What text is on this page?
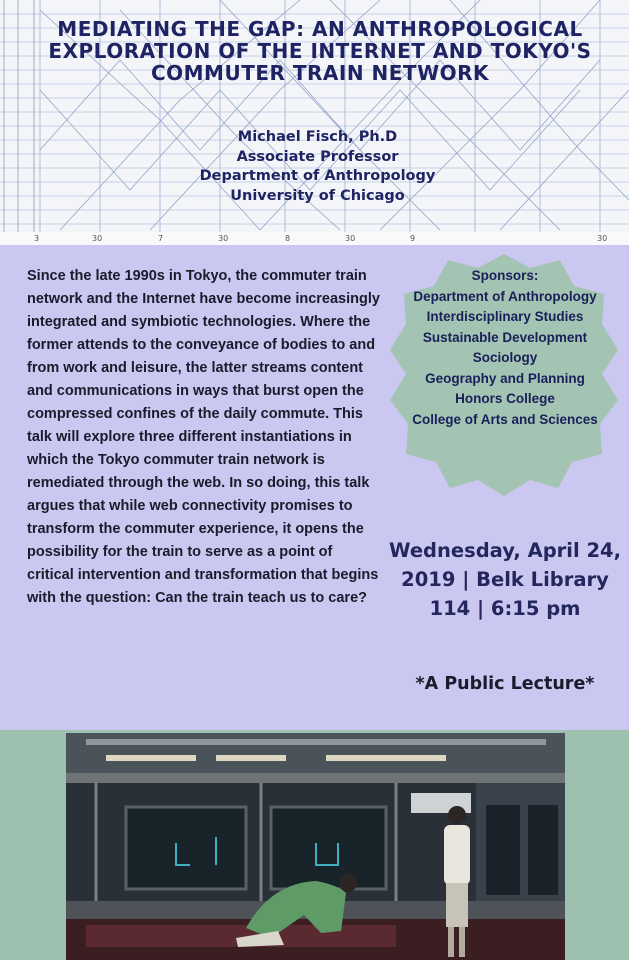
MEDIATING THE GAP: AN ANTHROPOLOGICAL EXPLORATION OF THE INTERNET AND TOKYO'S COMMUTER TRAIN NETWORK
Michael Fisch, Ph.D
Associate Professor
Department of Anthropology
University of Chicago
3	30	7	30	8	30	9	30
Since the late 1990s in Tokyo, the commuter train network and the Internet have become increasingly integrated and symbiotic technologies. Where the former attends to the conveyance of bodies to and from work and leisure, the latter streams content and communications in ways that burst open the compressed confines of the daily commute. This talk will explore three different instantiations in which the Tokyo commuter train network is remediated through the web. In so doing, this talk argues that while web connectivity promises to transform the commuter experience, it opens the possibility for the train to serve as a point of critical intervention and transformation that begins with the question: Can the train teach us to care?
Sponsors:
Department of Anthropology
Interdisciplinary Studies
Sustainable Development
Sociology
Geography and Planning
Honors College
College of Arts and Sciences
Wednesday, April 24,
2019 | Belk Library
114 | 6:15 pm
*A Public Lecture*
